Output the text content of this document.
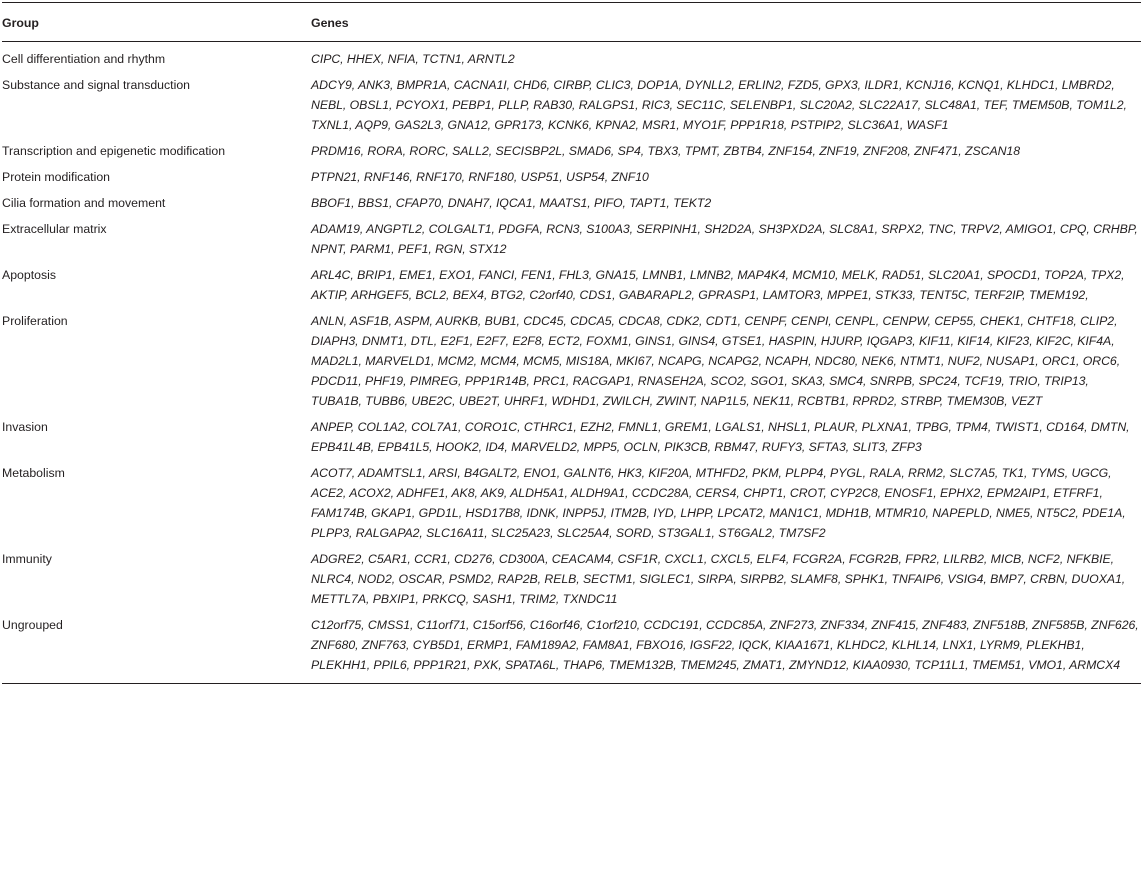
Group	Genes
Cell differentiation and rhythm	CIPC, HHEX, NFIA, TCTN1, ARNTL2
Substance and signal transduction	ADCY9, ANK3, BMPR1A, CACNA1I, CHD6, CIRBP, CLIC3, DOP1A, DYNLL2, ERLIN2, FZD5, GPX3, ILDR1, KCNJ16, KCNQ1, KLHDC1, LMBRD2, NEBL, OBSL1, PCYOX1, PEBP1, PLLP, RAB30, RALGPS1, RIC3, SEC11C, SELENBP1, SLC20A2, SLC22A17, SLC48A1, TEF, TMEM50B, TOM1L2, TXNL1, AQP9, GAS2L3, GNA12, GPR173, KCNK6, KPNA2, MSR1, MYO1F, PPP1R18, PSTPIP2, SLC36A1, WASF1
Transcription and epigenetic modification	PRDM16, RORA, RORC, SALL2, SECISBP2L, SMAD6, SP4, TBX3, TPMT, ZBTB4, ZNF154, ZNF19, ZNF208, ZNF471, ZSCAN18
Protein modification	PTPN21, RNF146, RNF170, RNF180, USP51, USP54, ZNF10
Cilia formation and movement	BBOF1, BBS1, CFAP70, DNAH7, IQCA1, MAATS1, PIFO, TAPT1, TEKT2
Extracellular matrix	ADAM19, ANGPTL2, COLGALT1, PDGFA, RCN3, S100A3, SERPINH1, SH2D2A, SH3PXD2A, SLC8A1, SRPX2, TNC, TRPV2, AMIGO1, CPQ, CRHBP, NPNT, PARM1, PEF1, RGN, STX12
Apoptosis	ARL4C, BRIP1, EME1, EXO1, FANCI, FEN1, FHL3, GNA15, LMNB1, LMNB2, MAP4K4, MCM10, MELK, RAD51, SLC20A1, SPOCD1, TOP2A, TPX2, AKTIP, ARHGEF5, BCL2, BEX4, BTG2, C2orf40, CDS1, GABARAPL2, GPRASP1, LAMTOR3, MPPE1, STK33, TENT5C, TERF2IP, TMEM192,
Proliferation	ANLN, ASF1B, ASPM, AURKB, BUB1, CDC45, CDCA5, CDCA8, CDK2, CDT1, CENPF, CENPI, CENPL, CENPW, CEP55, CHEK1, CHTF18, CLIP2, DIAPH3, DNMT1, DTL, E2F1, E2F7, E2F8, ECT2, FOXM1, GINS1, GINS4, GTSE1, HASPIN, HJURP, IQGAP3, KIF11, KIF14, KIF23, KIF2C, KIF4A, MAD2L1, MARVELD1, MCM2, MCM4, MCM5, MIS18A, MKI67, NCAPG, NCAPG2, NCAPH, NDC80, NEK6, NTMT1, NUF2, NUSAP1, ORC1, ORC6, PDCD11, PHF19, PIMREG, PPP1R14B, PRC1, RACGAP1, RNASEH2A, SCO2, SGO1, SKA3, SMC4, SNRPB, SPC24, TCF19, TRIO, TRIP13, TUBA1B, TUBB6, UBE2C, UBE2T, UHRF1, WDHD1, ZWILCH, ZWINT, NAP1L5, NEK11, RCBTB1, RPRD2, STRBP, TMEM30B, VEZT
Invasion	ANPEP, COL1A2, COL7A1, CORO1C, CTHRC1, EZH2, FMNL1, GREM1, LGALS1, NHSL1, PLAUR, PLXNA1, TPBG, TPM4, TWIST1, CD164, DMTN, EPB41L4B, EPB41L5, HOOK2, ID4, MARVELD2, MPP5, OCLN, PIK3CB, RBM47, RUFY3, SFTA3, SLIT3, ZFP3
Metabolism	ACOT7, ADAMTSL1, ARSI, B4GALT2, ENO1, GALNT6, HK3, KIF20A, MTHFD2, PKM, PLPP4, PYGL, RALA, RRM2, SLC7A5, TK1, TYMS, UGCG, ACE2, ACOX2, ADHFE1, AK8, AK9, ALDH5A1, ALDH9A1, CCDC28A, CERS4, CHPT1, CROT, CYP2C8, ENOSF1, EPHX2, EPM2AIP1, ETFRF1, FAM174B, GKAP1, GPD1L, HSD17B8, IDNK, INPP5J, ITM2B, IYD, LHPP, LPCAT2, MAN1C1, MDH1B, MTMR10, NAPEPLD, NME5, NT5C2, PDE1A, PLPP3, RALGAPA2, SLC16A11, SLC25A23, SLC25A4, SORD, ST3GAL1, ST6GAL2, TM7SF2
Immunity	ADGRE2, C5AR1, CCR1, CD276, CD300A, CEACAM4, CSF1R, CXCL1, CXCL5, ELF4, FCGR2A, FCGR2B, FPR2, LILRB2, MICB, NCF2, NFKBIE, NLRC4, NOD2, OSCAR, PSMD2, RAP2B, RELB, SECTM1, SIGLEC1, SIRPA, SIRPB2, SLAMF8, SPHK1, TNFAIP6, VSIG4, BMP7, CRBN, DUOXA1, METTL7A, PBXIP1, PRKCQ, SASH1, TRIM2, TXNDC11
Ungrouped	C12orf75, CMSS1, C11orf71, C15orf56, C16orf46, C1orf210, CCDC191, CCDC85A, ZNF273, ZNF334, ZNF415, ZNF483, ZNF518B, ZNF585B, ZNF626, ZNF680, ZNF763, CYB5D1, ERMP1, FAM189A2, FAM8A1, FBXO16, IGSF22, IQCK, KIAA1671, KLHDC2, KLHL14, LNX1, LYRM9, PLEKHB1, PLEKHH1, PPIL6, PPP1R21, PXK, SPATA6L, THAP6, TMEM132B, TMEM245, ZMAT1, ZMYND12, KIAA0930, TCP11L1, TMEM51, VMO1, ARMCX4
